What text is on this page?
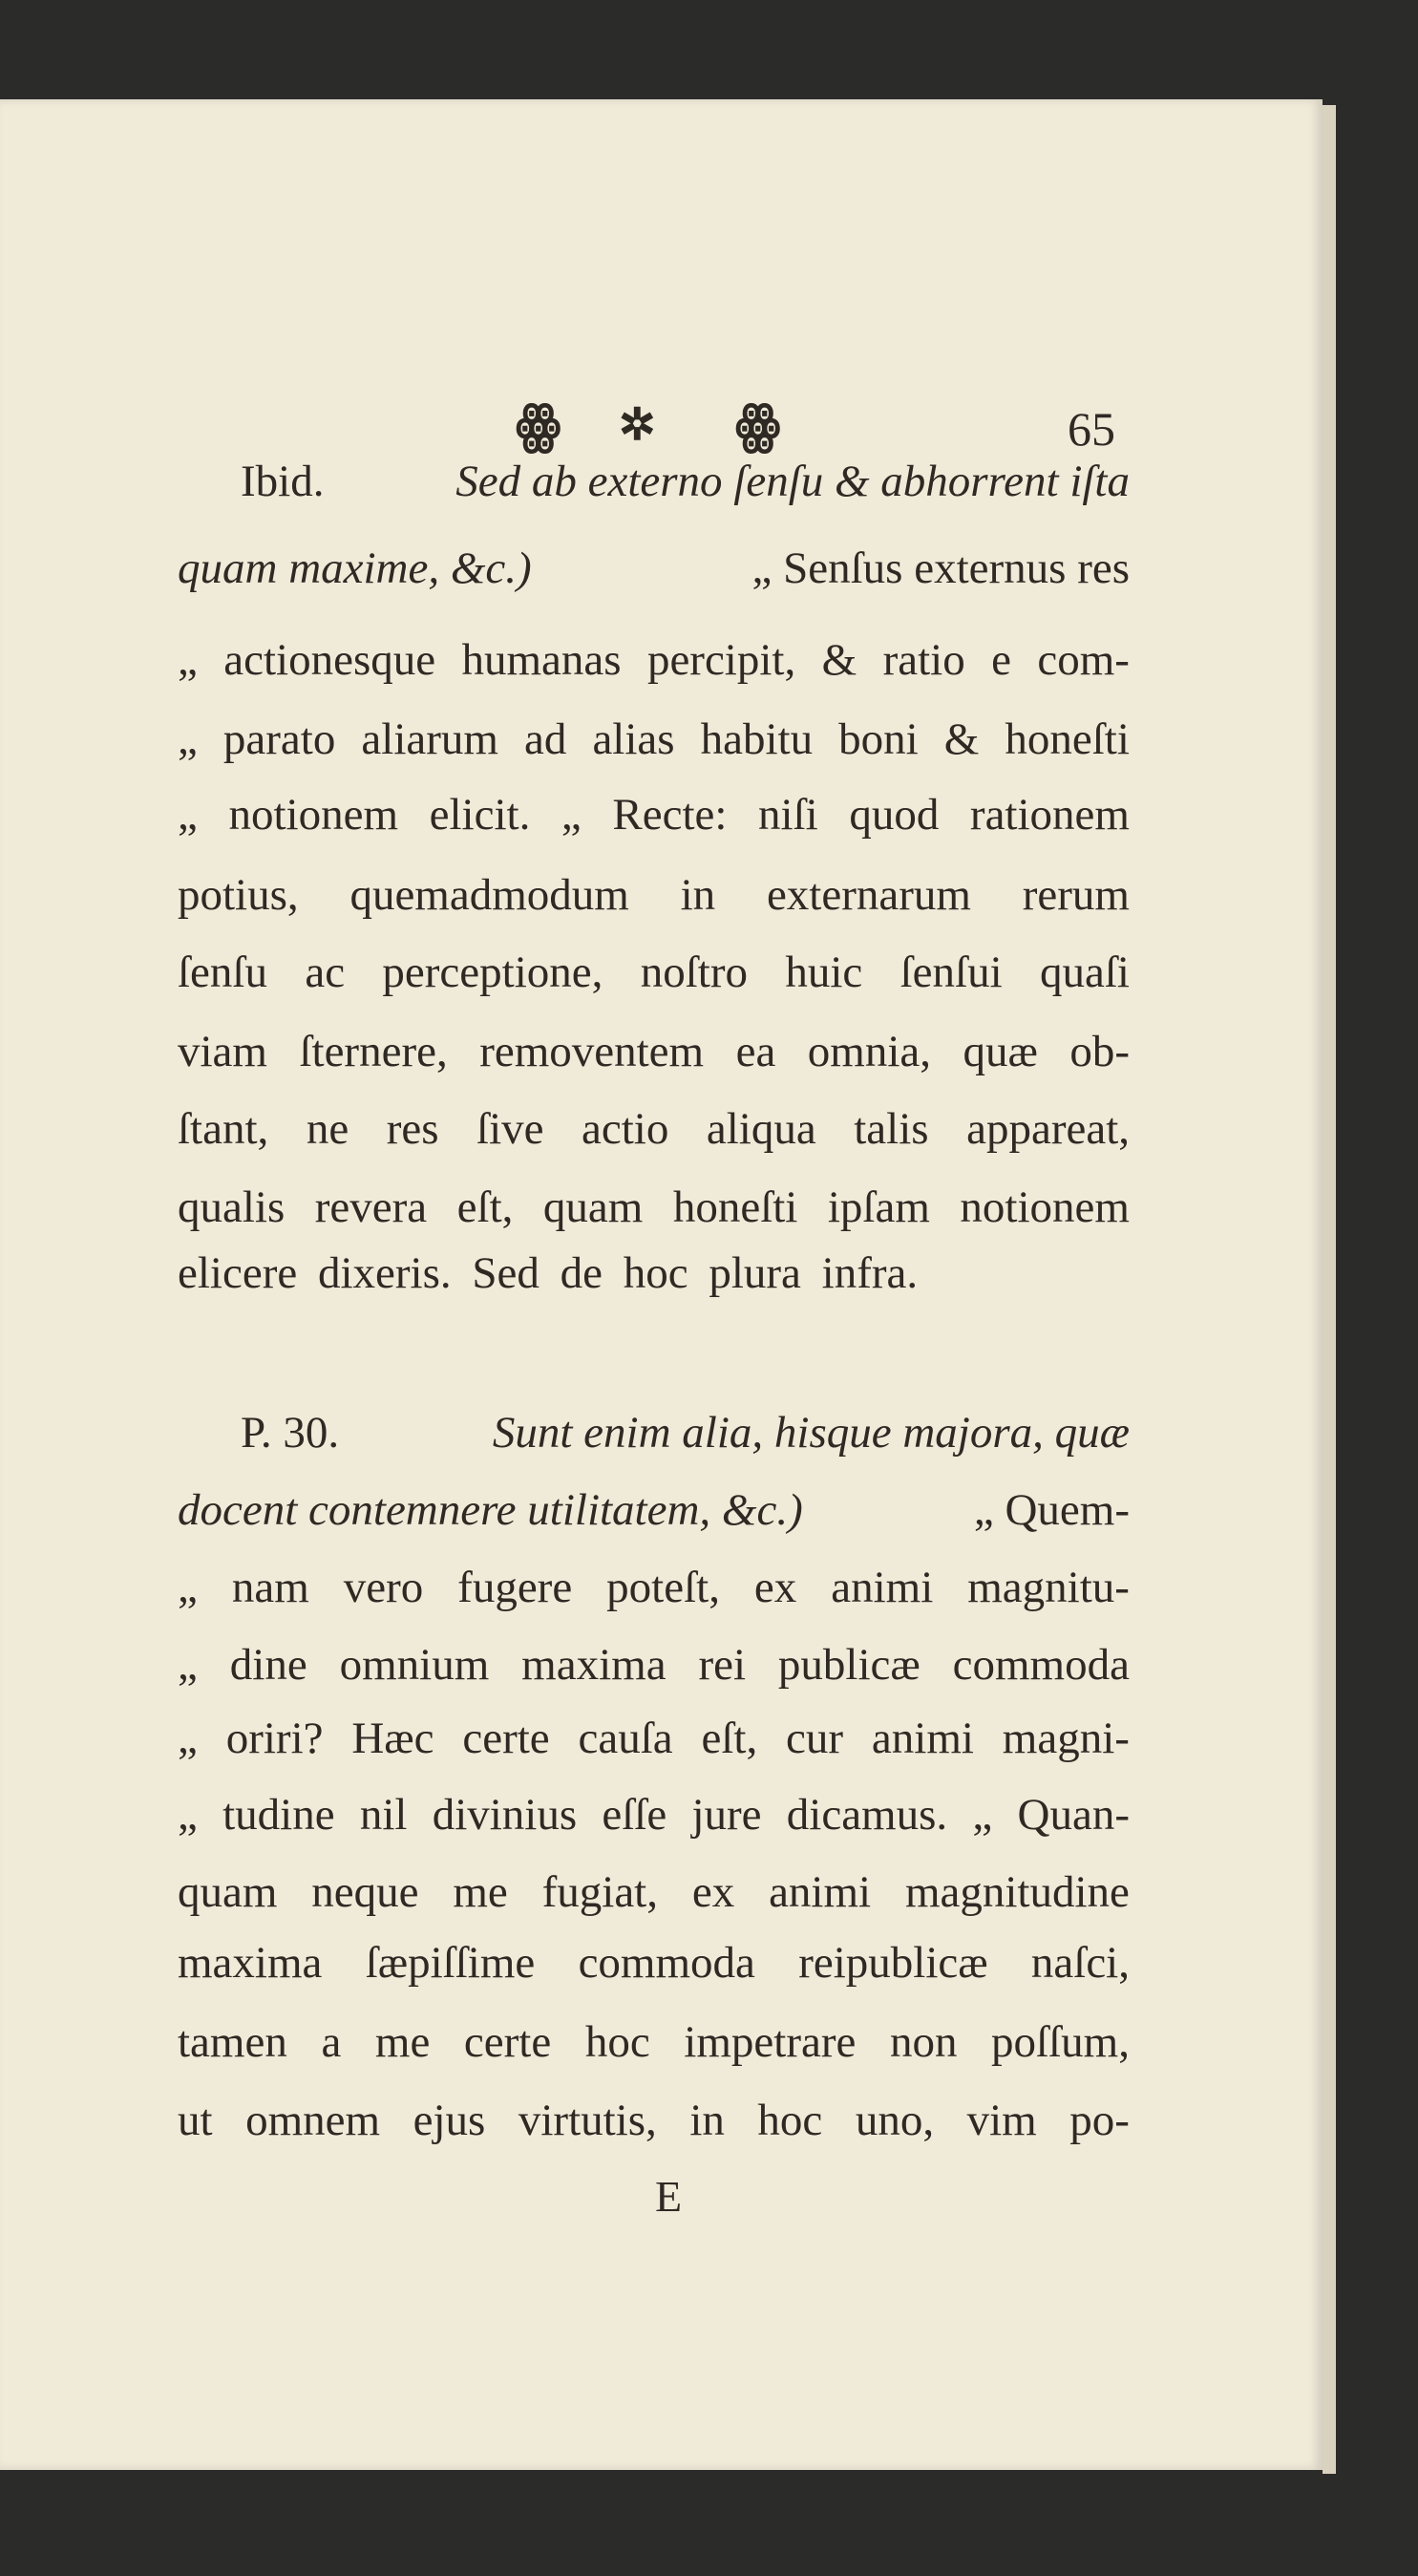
ꙮ ✲ ꙮ	65
Ibid.	Sed ab externo ſenſu & abhorrent iſta
quam maxime, &c.)	„ Senſus externus res
„ actionesque humanas percipit, & ratio e com-
„ parato aliarum ad alias habitu boni & honeſti
„ notionem elicit. „ Recte: niſi quod rationem
potius, quemadmodum in externarum rerum
ſenſu ac perceptione, noſtro huic ſenſui quaſi
viam ſternere, removentem ea omnia, quæ ob-
ſtant, ne res ſive actio aliqua talis appareat,
qualis revera eſt, quam honeſti ipſam notionem
elicere dixeris. Sed de hoc plura infra.
P. 30.	Sunt enim alia, hisque majora, quæ
docent contemnere utilitatem, &c.)	„ Quem-
„ nam vero fugere poteſt, ex animi magnitu-
„ dine omnium maxima rei publicæ commoda
„ oriri? Hæc certe cauſa eſt, cur animi magni-
„ tudine nil divinius eſſe jure dicamus. „ Quan-
quam neque me fugiat, ex animi magnitudine
maxima ſæpiſſime commoda reipublicæ naſci,
tamen a me certe hoc impetrare non poſſum,
ut omnem ejus virtutis, in hoc uno, vim po-
E
